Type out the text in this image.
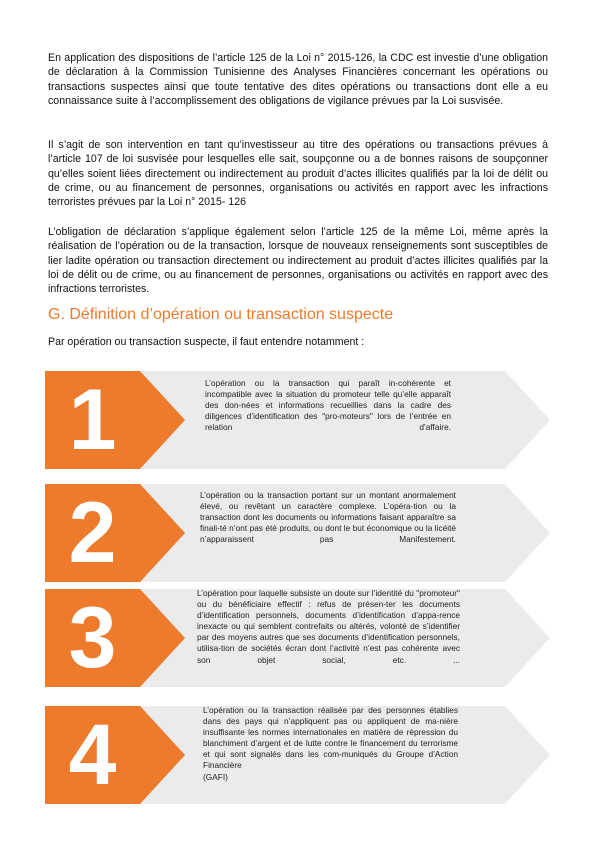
En application des dispositions de l’article 125 de la Loi n° 2015-126, la CDC est investie d’une obligation de déclaration à la Commission Tunisienne des Analyses Financières concernant les opérations ou transactions suspectes ainsi que toute tentative des dites opérations ou transactions dont elle a eu connaissance suite à l’accomplissement des obligations de vigilance prévues par la Loi susvisée.

Il s’agit de son intervention en tant qu’investisseur au titre des opérations ou transactions prévues à l’article 107 de loi susvisée pour lesquelles elle sait, soupçonne ou a de bonnes raisons de soupçonner qu’elles soient liées directement ou indirectement au produit d’actes illicites qualifiés par la loi de délit ou de crime, ou au financement de personnes, organisations ou activités en rapport avec les infractions terroristes prévues par la Loi n° 2015- 126

L’obligation de déclaration s’applique également selon l’article 125 de la même Loi, même après la réalisation de l’opération ou de la transaction, lorsque de nouveaux renseignements sont susceptibles de lier ladite opération ou transaction directement ou indirectement au produit d’actes illicites qualifiés par la loi de délit ou de crime, ou au financement de personnes, organisations ou activités en rapport avec des infractions terroristes.

G. Définition d’opération ou transaction suspecte

Par opération ou transaction suspecte, il faut entendre notamment :

1	L’opération ou la transaction qui paraît in-cohérente et incompatible avec la situation du promoteur telle qu’elle apparaît des don-nées et informations recueillies dans la cadre des diligences d’identification des "pro-moteurs" lors de l’entrée en relation d’affaire.

2	L’opération ou la transaction portant sur un montant anormalement élevé, ou revêtant un caractère complexe. L’opéra-tion ou la transaction dont les documents ou informations faisant apparaître sa finali-té n’ont pas été produits, ou dont le but économique ou la licéité n’apparaissent pas Manifestement.

3	L’opération pour laquelle subsiste un doute sur l’identité du "promoteur" ou du bénéficiaire effectif : refus de présen-ter les documents d’identification personnels, documents d’identification d’appa-rence inexacte ou qui semblent contrefaits ou altérés, volonté de s’identifier par des moyens autres que ses documents d’identification personnels, utilisa-tion de sociétés écran dont l’activité n’est pas cohérente avec son objet social, etc. ...

4	L’opération ou la transaction réalisée par des personnes établies dans des pays qui n’appliquent pas ou appliquent de ma-nière insuffisante les normes internationales en matière de répression du blanchiment d’argent et de lutte contre le financement du terrorisme et qui sont signalés dans les com-muniqués du Groupe d’Action Financière
(GAFI)
